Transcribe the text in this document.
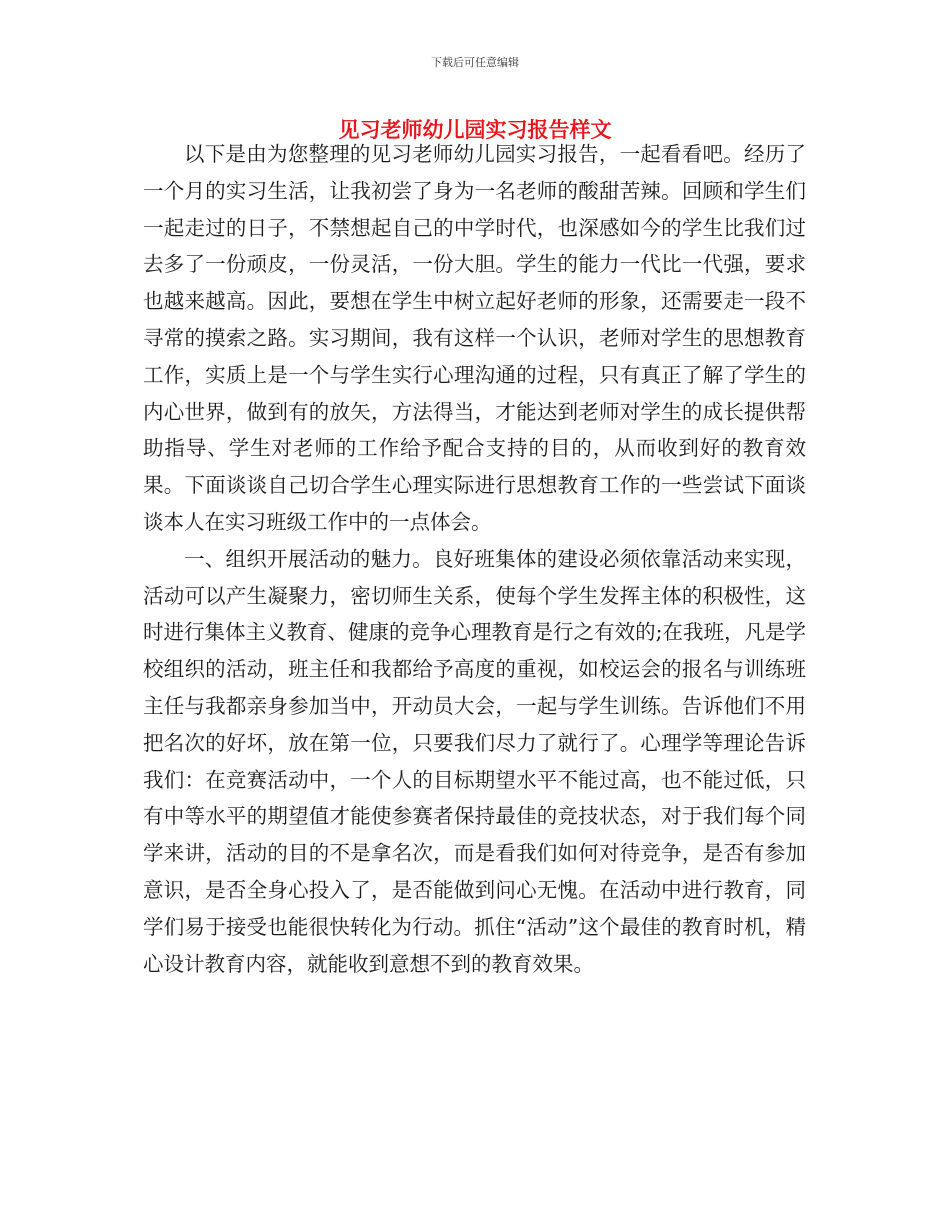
下载后可任意编辑
见习老师幼儿园实习报告样文

以下是由为您整理的见习老师幼儿园实习报告，一起看看吧。经历了一个月的实习生活，让我初尝了身为一名老师的酸甜苦辣。回顾和学生们一起走过的日子，不禁想起自己的中学时代，也深感如今的学生比我们过去多了一份顽皮，一份灵活，一份大胆。学生的能力一代比一代强，要求也越来越高。因此，要想在学生中树立起好老师的形象，还需要走一段不寻常的摸索之路。实习期间，我有这样一个认识，老师对学生的思想教育工作，实质上是一个与学生实行心理沟通的过程，只有真正了解了学生的内心世界，做到有的放矢，方法得当，才能达到老师对学生的成长提供帮助指导、学生对老师的工作给予配合支持的目的，从而收到好的教育效果。下面谈谈自己切合学生心理实际进行思想教育工作的一些尝试下面谈谈本人在实习班级工作中的一点体会。

一、组织开展活动的魅力。良好班集体的建设必须依靠活动来实现，活动可以产生凝聚力，密切师生关系，使每个学生发挥主体的积极性，这时进行集体主义教育、健康的竞争心理教育是行之有效的;在我班，凡是学校组织的活动，班主任和我都给予高度的重视，如校运会的报名与训练班主任与我都亲身参加当中，开动员大会，一起与学生训练。告诉他们不用把名次的好坏，放在第一位，只要我们尽力了就行了。心理学等理论告诉我们：在竞赛活动中，一个人的目标期望水平不能过高，也不能过低，只有中等水平的期望值才能使参赛者保持最佳的竞技状态，对于我们每个同学来讲，活动的目的不是拿名次，而是看我们如何对待竞争，是否有参加意识，是否全身心投入了，是否能做到问心无愧。在活动中进行教育，同学们易于接受也能很快转化为行动。抓住“活动”这个最佳的教育时机，精心设计教育内容，就能收到意想不到的教育效果。
